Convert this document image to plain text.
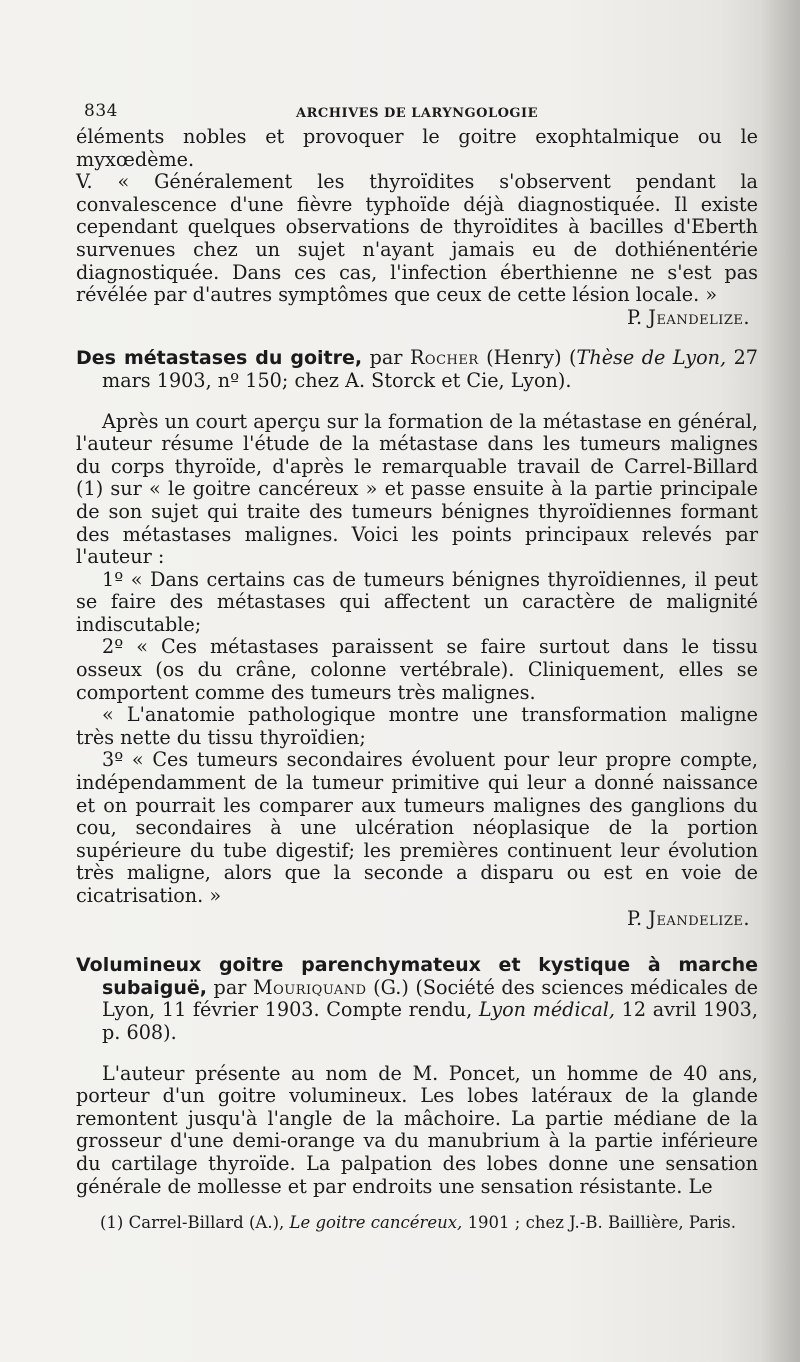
834	ARCHIVES DE LARYNGOLOGIE

éléments nobles et provoquer le goitre exophtalmique ou le myxœdème.

V. « Généralement les thyroïdites s'observent pendant la convalescence d'une fièvre typhoïde déjà diagnostiquée. Il existe cependant quelques observations de thyroïdites à bacilles d'Eberth survenues chez un sujet n'ayant jamais eu de dothiénentérie diagnostiquée. Dans ces cas, l'infection éberthienne ne s'est pas révélée par d'autres symptômes que ceux de cette lésion locale. »

P. Jeandelize.

Des métastases du goitre, par Rocher (Henry) (Thèse de Lyon, 27 mars 1903, nº 150; chez A. Storck et Cie, Lyon).

Après un court aperçu sur la formation de la métastase en général, l'auteur résume l'étude de la métastase dans les tumeurs malignes du corps thyroïde, d'après le remarquable travail de Carrel-Billard (1) sur « le goitre cancéreux » et passe ensuite à la partie principale de son sujet qui traite des tumeurs bénignes thyroïdiennes formant des métastases malignes. Voici les points principaux relevés par l'auteur :

1º « Dans certains cas de tumeurs bénignes thyroïdiennes, il peut se faire des métastases qui affectent un caractère de malignité indiscutable;

2º « Ces métastases paraissent se faire surtout dans le tissu osseux (os du crâne, colonne vertébrale). Cliniquement, elles se comportent comme des tumeurs très malignes.

« L'anatomie pathologique montre une transformation maligne très nette du tissu thyroïdien;

3º « Ces tumeurs secondaires évoluent pour leur propre compte, indépendamment de la tumeur primitive qui leur a donné naissance et on pourrait les comparer aux tumeurs malignes des ganglions du cou, secondaires à une ulcération néoplasique de la portion supérieure du tube digestif; les premières continuent leur évolution très maligne, alors que la seconde a disparu ou est en voie de cicatrisation. »

P. Jeandelize.

Volumineux goitre parenchymateux et kystique à marche subaiguë, par Mouriquand (G.) (Société des sciences médicales de Lyon, 11 février 1903. Compte rendu, Lyon médical, 12 avril 1903, p. 608).

L'auteur présente au nom de M. Poncet, un homme de 40 ans, porteur d'un goitre volumineux. Les lobes latéraux de la glande remontent jusqu'à l'angle de la mâchoire. La partie médiane de la grosseur d'une demi-orange va du manubrium à la partie inférieure du cartilage thyroïde. La palpation des lobes donne une sensation générale de mollesse et par endroits une sensation résistante. Le

(1) Carrel-Billard (A.), Le goitre cancéreux, 1901 ; chez J.-B. Baillière, Paris.
